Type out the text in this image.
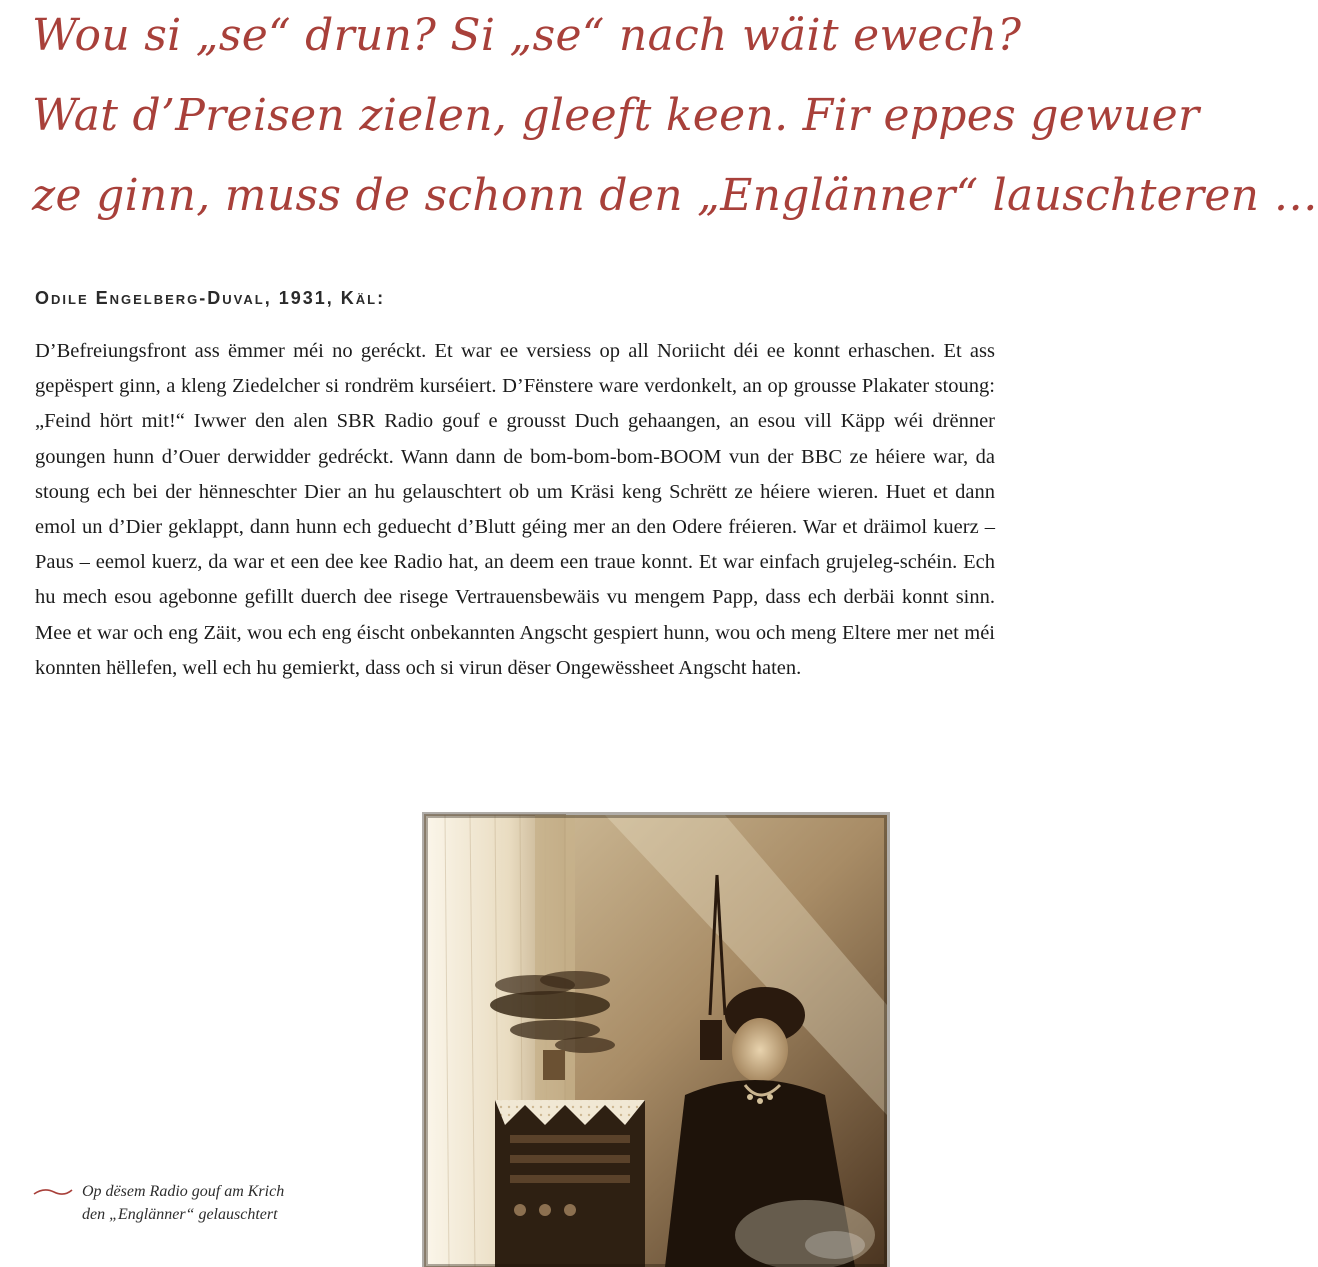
Wou si „se“ drun? Si „se“ nach wäit ewech?
Wat d’Preisen zielen, gleeft keen. Fir eppes gewuer
ze ginn, muss de schonn den „Englänner“ lauschteren …
Odile Engelberg-Duval, 1931, Käl:

D’Befreiungsfront ass ëmmer méi no geréckt. Et war ee versiess op all Noriicht déi ee konnt erhaschen. Et ass gepëspert ginn, a kleng Ziedelcher si rondrëm kurséiert. D’Fënstere ware verdonkelt, an op grousse Plakater stoung: „Feind hört mit!“ Iwwer den alen SBR Radio gouf e grousst Duch gehaangen, an esou vill Käpp wéi drënner goungen hunn d’Ouer derwidder gedréckt. Wann dann de bom-bom-bom-BOOM vun der BBC ze héiere war, da stoung ech bei der hënneschter Dier an hu gelauschtert ob um Kräsi keng Schrëtt ze héiere wieren. Huet et dann emol un d’Dier geklappt, dann hunn ech geduecht d’Blutt géing mer an den Odere fréieren. War et dräimol kuerz – Paus – eemol kuerz, da war et een dee kee Radio hat, an deem een traue konnt. Et war einfach grujeleg-schéin. Ech hu mech esou agebonne gefillt duerch dee risege Vertrauensbewäis vu mengem Papp, dass ech derbäi konnt sinn. Mee et war och eng Zäit, wou ech eng éischt onbekannten Angscht gespiert hunn, wou och meng Eltere mer net méi konnten hëllefen, well ech hu gemierkt, dass och si virun dëser Ongewëssheet Angscht haten.

Op dësem Radio gouf am Krich
den „Englänner“ gelauschtert
